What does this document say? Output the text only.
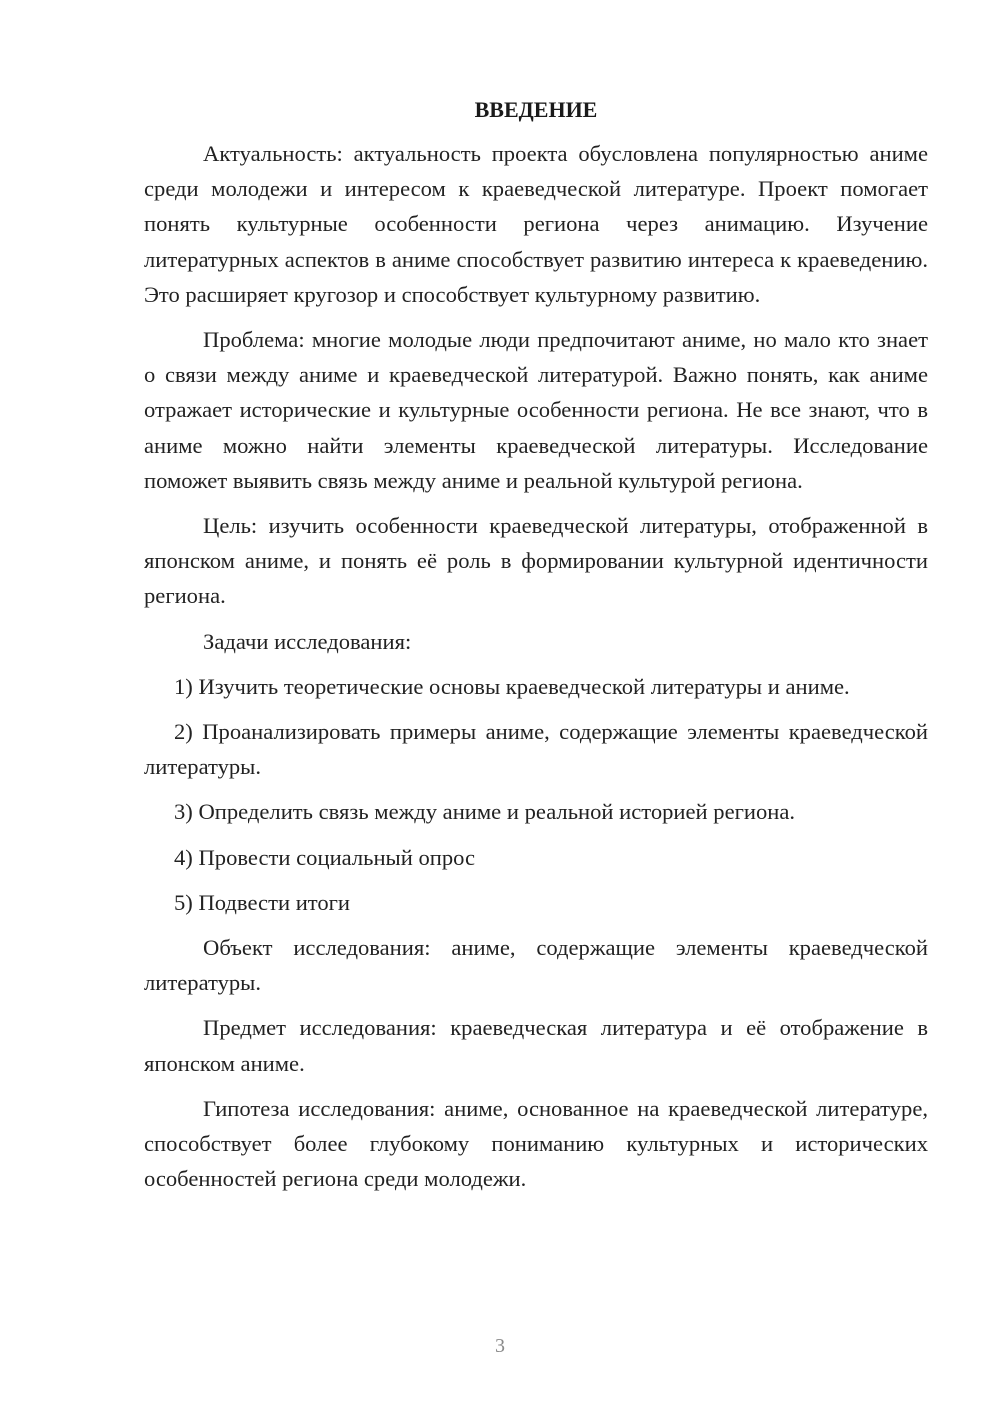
ВВЕДЕНИЕ

Актуальность: актуальность проекта обусловлена популярностью аниме среди молодежи и интересом к краеведческой литературе. Проект помогает понять культурные особенности региона через анимацию. Изучение литературных аспектов в аниме способствует развитию интереса к краеведению. Это расширяет кругозор и способствует культурному развитию.

Проблема: многие молодые люди предпочитают аниме, но мало кто знает о связи между аниме и краеведческой литературой. Важно понять, как аниме отражает исторические и культурные особенности региона. Не все знают, что в аниме можно найти элементы краеведческой литературы. Исследование поможет выявить связь между аниме и реальной культурой региона.

Цель: изучить особенности краеведческой литературы, отображенной в японском аниме, и понять её роль в формировании культурной идентичности региона.

Задачи исследования:

1) Изучить теоретические основы краеведческой литературы и аниме.

2) Проанализировать примеры аниме, содержащие элементы краеведческой литературы.

3) Определить связь между аниме и реальной историей региона.

4) Провести социальный опрос

5) Подвести итоги

Объект исследования: аниме, содержащие элементы краеведческой литературы.

Предмет исследования: краеведческая литература и её отображение в японском аниме.

Гипотеза исследования: аниме, основанное на краеведческой литературе, способствует более глубокому пониманию культурных и исторических особенностей региона среди молодежи.

3
